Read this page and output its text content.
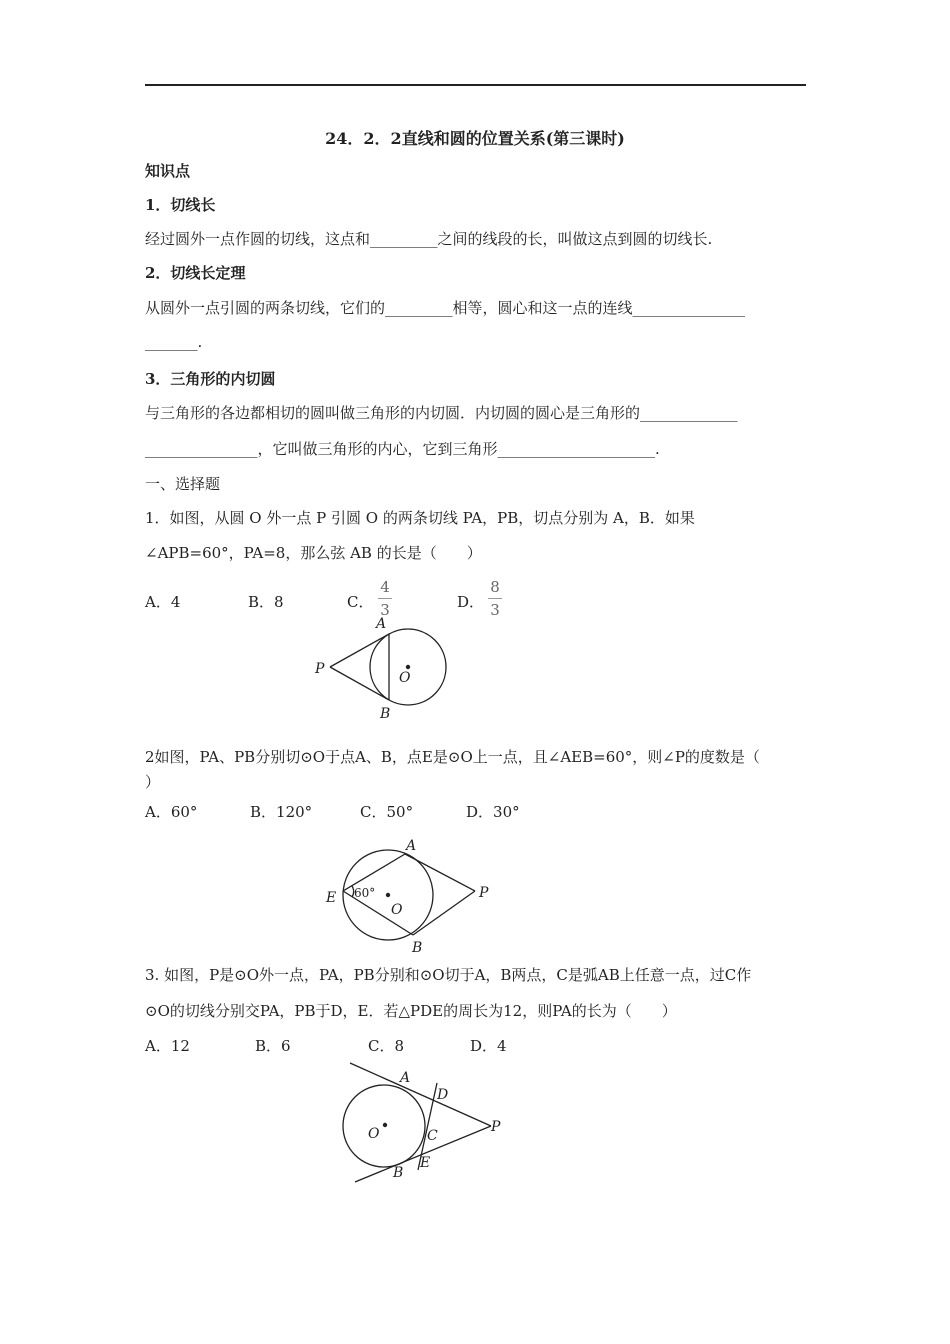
24．2．2直线和圆的位置关系(第三课时)
知识点
1．切线长
经过圆外一点作圆的切线，这点和_________之间的线段的长，叫做这点到圆的切线长.
2．切线长定理
从圆外一点引圆的两条切线，它们的_________相等，圆心和这一点的连线_______________
_______.
3．三角形的内切圆
与三角形的各边都相切的圆叫做三角形的内切圆．内切圆的圆心是三角形的_____________
_______________，它叫做三角形的内心，它到三角形_____________________.
一、选择题
1．如图，从圆 O 外一点 P 引圆 O 的两条切线 PA，PB，切点分别为 A，B．如果
∠APB=60°，PA=8，那么弦 AB 的长是（　　）
A．4	B．8	C．	D．
4
3
8
3
P
A
B
O
2如图，PA、PB分别切⊙O于点A、B，点E是⊙O上一点，且∠AEB=60°，则∠P的度数是（
）
A．60°	B．120°	C．50°	D．30°
E
A
B
O
P
60°
3. 如图，P是⊙O外一点，PA，PB分别和⊙O切于A，B两点，C是弧AB上任意一点，过C作
⊙O的切线分别交PA，PB于D，E．若△PDE的周长为12，则PA的长为（　　）
A．12	B．6	C．8	D．4
A
D
O	C
P
B
E
